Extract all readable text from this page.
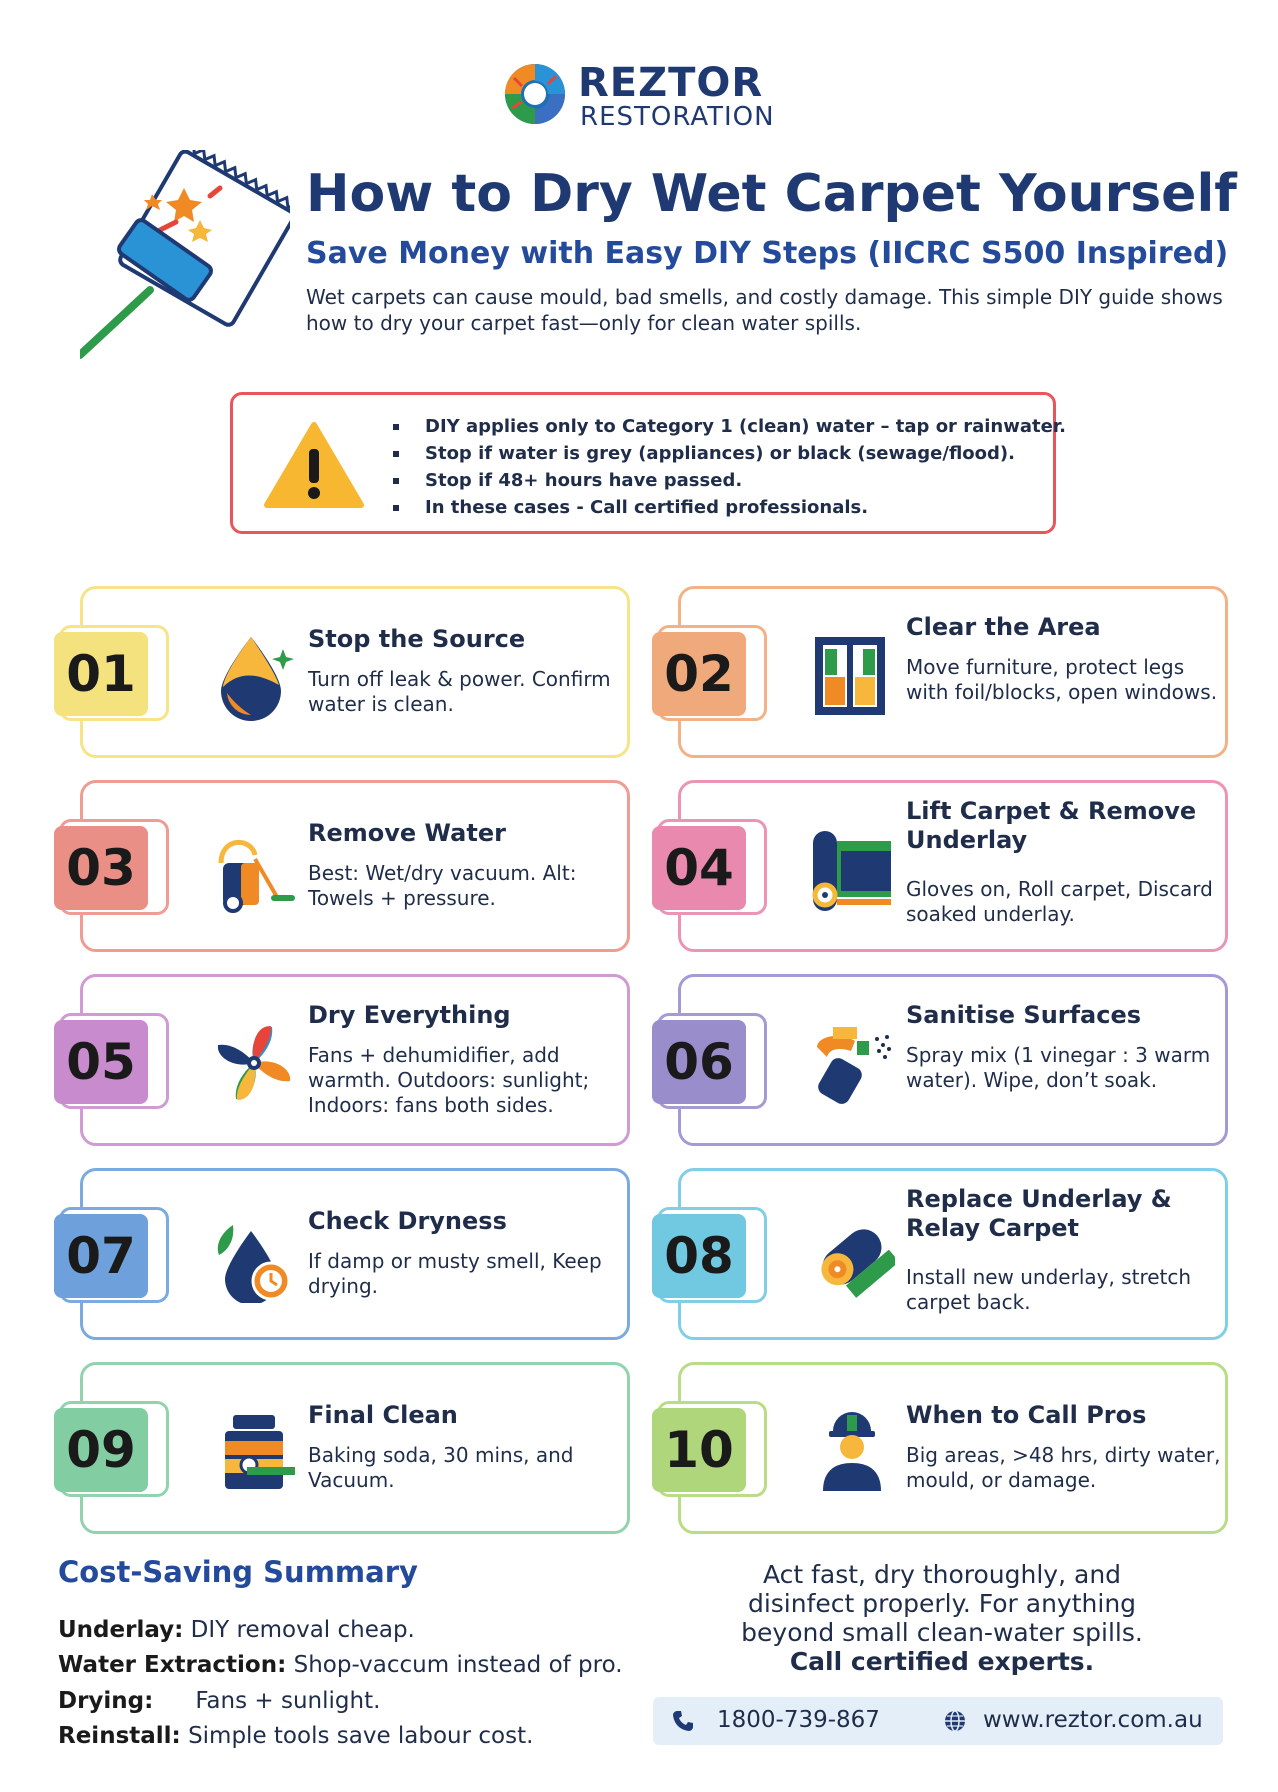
REZTOR
RESTORATION
How to Dry Wet Carpet Yourself
Save Money with Easy DIY Steps (IICRC S500 Inspired)
Wet carpets can cause mould, bad smells, and costly damage. This simple DIY guide shows how to dry your carpet fast—only for clean water spills.
DIY applies only to Category 1 (clean) water – tap or rainwater.
Stop if water is grey (appliances) or black (sewage/flood).
Stop if 48+ hours have passed.
In these cases - Call certified professionals.
01
Stop the Source
Turn off leak & power. Confirm water is clean.
02
Clear the Area
Move furniture, protect legs with foil/blocks, open windows.
03
Remove Water
Best: Wet/dry vacuum. Alt: Towels + pressure.
04
Lift Carpet & Remove Underlay
Gloves on, Roll carpet, Discard soaked underlay.
05
Dry Everything
Fans + dehumidifier, add warmth. Outdoors: sunlight; Indoors: fans both sides.
06
Sanitise Surfaces
Spray mix (1 vinegar : 3 warm water). Wipe, don’t soak.
07
Check Dryness
If damp or musty smell, Keep drying.
08
Replace Underlay & Relay Carpet
Install new underlay, stretch carpet back.
09
Final Clean
Baking soda, 30 mins, and Vacuum.
10
When to Call Pros
Big areas, >48 hrs, dirty water, mould, or damage.
Cost-Saving Summary
Underlay: DIY removal cheap.
Water Extraction: Shop-vaccum instead of pro.
Drying: Fans + sunlight.
Reinstall: Simple tools save labour cost.
Act fast, dry thoroughly, and disinfect properly. For anything beyond small clean-water spills.
Call certified experts.
1800-739-867	www.reztor.com.au
